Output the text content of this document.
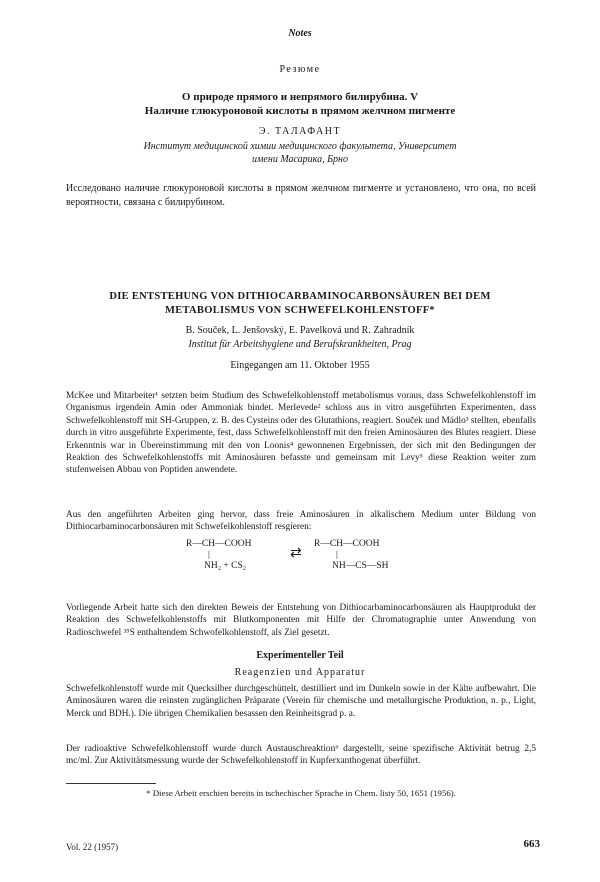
Notes
Резюме
О природе прямого и непрямого билирубина. V
Наличие глюкуроновой кислоты в прямом желчном пигменте
Э. ТАЛАФАНТ
Институт медицинской химии медицинского факультета, Университет
имени Масарика, Брно
Исследовано наличие глюкуроновой кислоты в прямом желчном пигменте и установлено, что она, по всей вероятности, связана с билирубином.
DIE ENTSTEHUNG VON DITHIOCARBAMINOCARBONSÄUREN BEI DEM
METABOLISMUS VON SCHWEFELKOHLENSTOFF*
B. Souček, L. Jenšovský, E. Pavelková und R. Zahradník
Institut für Arbeitshygiene und Berufskrankheiten, Prag
Eingegangen am 11. Oktober 1955
McKee und Mitarbeiter¹ setzten beim Studium des Schwefelkohlenstoff metabolismus voraus, dass Schwefelkohlenstoff im Organismus irgendein Amin oder Ammoniak bindet. Merlevede² schloss aus in vitro ausgeführten Experimenten, dass Schwefelkohlenstoff mit SH-Gruppen, z. B. des Cysteins oder des Glutathions, reagiert. Souček und Mádlo³ stellten, ebenfalls durch in vitro ausgeführte Experimente, fest, dass Schwefelkohlenstoff mit den freien Aminosäuren des Blutes reagiert. Diese Erkenntnis war in Übereinstimmung mit den von Loonis⁴ gewonnenen Ergebnissen, der sich mit den Bedingungen der Reaktion des Schwefelkohlenstoffs mit Aminosäuren befasste und gemeinsam mit Levy⁵ diese Reaktion weiter zum stufenweisen Abbau von Poptiden anwendete.
Aus den angeführten Arbeiten ging hervor, dass freie Aminosäuren in alkalischem Medium unter Bildung von Dithiocarbaminocarbonsäuren mit Schwefelkohlenstoff resgieren:
R—CH—COOH
|
NH₂ + CS₂
⇄
R—CH—COOH
|
NH—CS—SH
Vorliegende Arbeit hatte sich den direkten Beweis der Entstehung von Dithiocarbaminocarbonsäuren als Hauptprodukt der Reaktion des Schwefelkohlenstoffs mit Blutkomponenten mit Hilfe der Chromatographie unter Anwendung von Radioschwefel ³⁵S enthaltendem Schwofelkohlenstoff, als Ziel gesetzt.
Experimenteller Teil
Reagenzien und Apparatur
Schwefelkohlenstoff wurde mit Quecksilber durchgeschüttelt, destilliert und im Dunkeln sowie in der Kälte aufbewahrt. Die Aminosäuren waren die reinsten zugänglichen Präparate (Verein für chemische und metallurgische Produktion, n. p., Light, Merck und BDH.). Die übrigen Chemikalien besassen den Reinheitsgrad p. a.
Der radioaktive Schwefelkohlenstoff wurde durch Austauschreaktion⁶ dargestellt, seine spezifische Aktivität betrug 2,5 mc/ml. Zur Aktivitätsmessung wurde der Schwefelkohlenstoff in Kupferxanthogenat überführt.
* Diese Arbeit erschien bereits in tschechischer Sprache in Chem. listy 50, 1651 (1956).
Vol. 22 (1957)	663
